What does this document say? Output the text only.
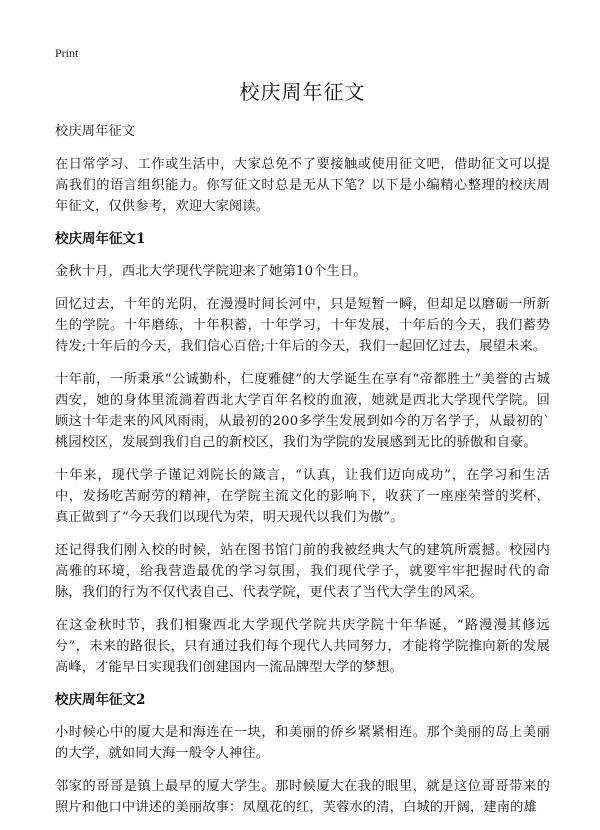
Print
校庆周年征文

校庆周年征文

在日常学习、工作或生活中，大家总免不了要接触或使用征文吧，借助征文可以提高我们的语言组织能力。你写征文时总是无从下笔？以下是小编精心整理的校庆周年征文，仅供参考，欢迎大家阅读。

校庆周年征文1

金秋十月，西北大学现代学院迎来了她第10个生日。

回忆过去，十年的光阴，在漫漫时间长河中，只是短暂一瞬，但却足以磨砺一所新生的学院。十年磨练，十年积蓄，十年学习，十年发展，十年后的今天，我们蓄势待发;十年后的今天，我们信心百倍;十年后的今天，我们一起回忆过去，展望未来。

十年前，一所秉承“公诚勤朴，仁度雅健”的大学诞生在享有“帝都胜土”美誉的古城西安，她的身体里流淌着西北大学百年名校的血液，她就是西北大学现代学院。回顾这十年走来的风风雨雨，从最初的200多学生发展到如今的万名学子，从最初的`桃园校区，发展到我们自己的新校区，我们为学院的发展感到无比的骄傲和自豪。

十年来，现代学子谨记刘院长的箴言，“认真，让我们迈向成功”，在学习和生活中，发扬吃苦耐劳的精神，在学院主流文化的影响下，收获了一座座荣誉的奖杯，真正做到了“今天我们以现代为荣，明天现代以我们为傲”。

还记得我们刚入校的时候，站在图书馆门前的我被经典大气的建筑所震撼。校园内高雅的环境，给我营造最优的学习氛围，我们现代学子，就要牢牢把握时代的命脉，我们的行为不仅代表自己、代表学院，更代表了当代大学生的风采。

在这金秋时节，我们相聚西北大学现代学院共庆学院十年华诞，“路漫漫其修远兮”，未来的路很长，只有通过我们每个现代人共同努力，才能将学院推向新的发展高峰，才能早日实现我们创建国内一流品牌型大学的梦想。

校庆周年征文2

小时候心中的厦大是和海连在一块，和美丽的侨乡紧紧相连。那个美丽的岛上美丽的大学，就如同大海一般令人神往。

邻家的哥哥是镇上最早的厦大学生。那时候厦大在我的眼里，就是这位哥哥带来的照片和他口中讲述的美丽故事：凤凰花的红，芙蓉水的清，白城的开阔，建南的雄
